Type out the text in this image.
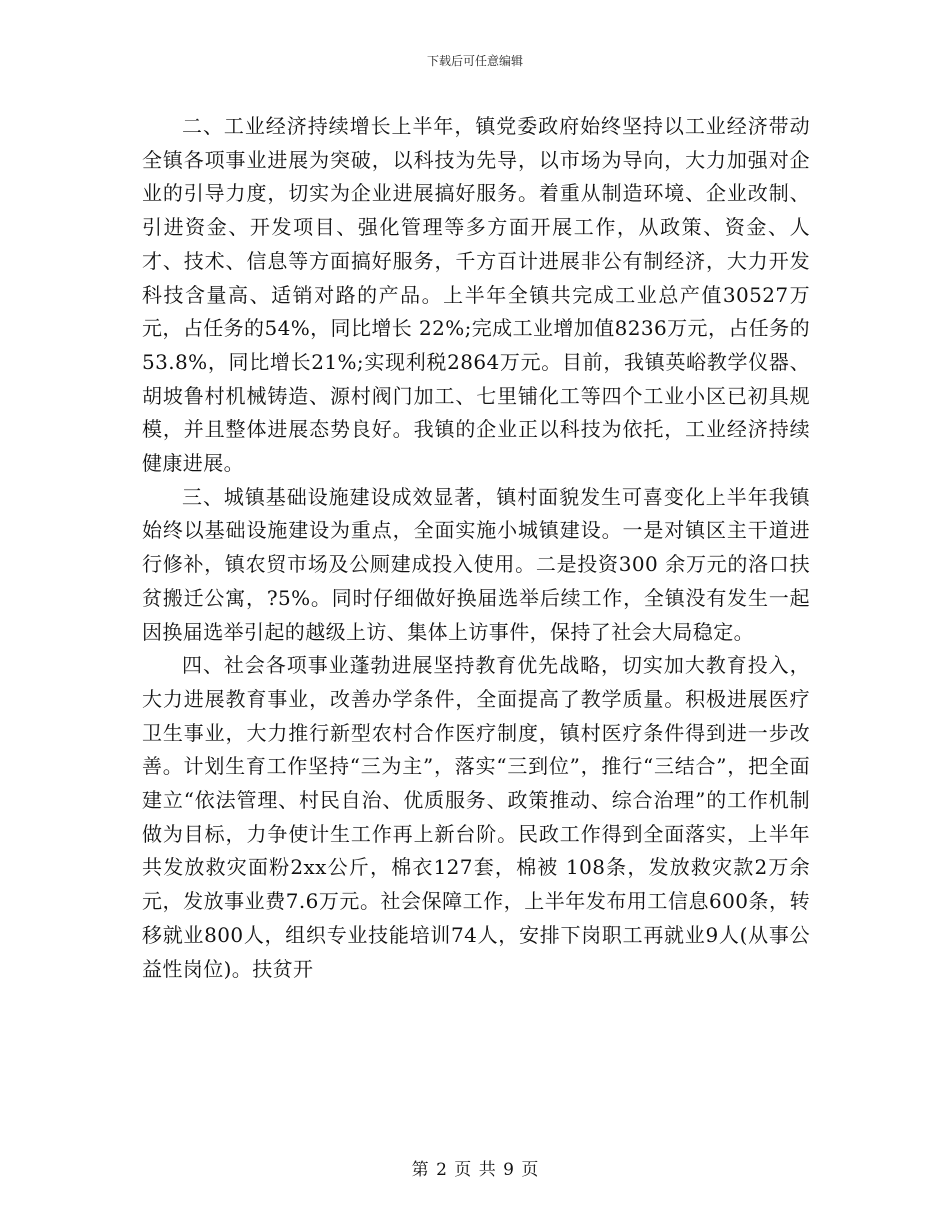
下载后可任意编辑

二、工业经济持续增长上半年，镇党委政府始终坚持以工业经济带动全镇各项事业进展为突破，以科技为先导，以市场为导向，大力加强对企业的引导力度，切实为企业进展搞好服务。着重从制造环境、企业改制、引进资金、开发项目、强化管理等多方面开展工作，从政策、资金、人才、技术、信息等方面搞好服务，千方百计进展非公有制经济，大力开发科技含量高、适销对路的产品。上半年全镇共完成工业总产值30527万元，占任务的54%，同比增长 22%;完成工业增加值8236万元，占任务的53.8%，同比增长21%;实现利税2864万元。目前，我镇英峪教学仪器、胡坡鲁村机械铸造、源村阀门加工、七里铺化工等四个工业小区已初具规模，并且整体进展态势良好。我镇的企业正以科技为依托，工业经济持续健康进展。

三、城镇基础设施建设成效显著，镇村面貌发生可喜变化上半年我镇始终以基础设施建设为重点，全面实施小城镇建设。一是对镇区主干道进行修补，镇农贸市场及公厕建成投入使用。二是投资300 余万元的洛口扶贫搬迁公寓，?5%。同时仔细做好换届选举后续工作，全镇没有发生一起因换届选举引起的越级上访、集体上访事件，保持了社会大局稳定。

四、社会各项事业蓬勃进展坚持教育优先战略，切实加大教育投入，大力进展教育事业，改善办学条件，全面提高了教学质量。积极进展医疗卫生事业，大力推行新型农村合作医疗制度，镇村医疗条件得到进一步改善。计划生育工作坚持“三为主”，落实“三到位”，推行“三结合”，把全面建立“依法管理、村民自治、优质服务、政策推动、综合治理”的工作机制做为目标，力争使计生工作再上新台阶。民政工作得到全面落实，上半年共发放救灾面粉2xx公斤，棉衣127套，棉被 108条，发放救灾款2万余元，发放事业费7.6万元。社会保障工作，上半年发布用工信息600条，转移就业800人，组织专业技能培训74人，安排下岗职工再就业9人(从事公益性岗位)。扶贫开

第 2 页 共 9 页
